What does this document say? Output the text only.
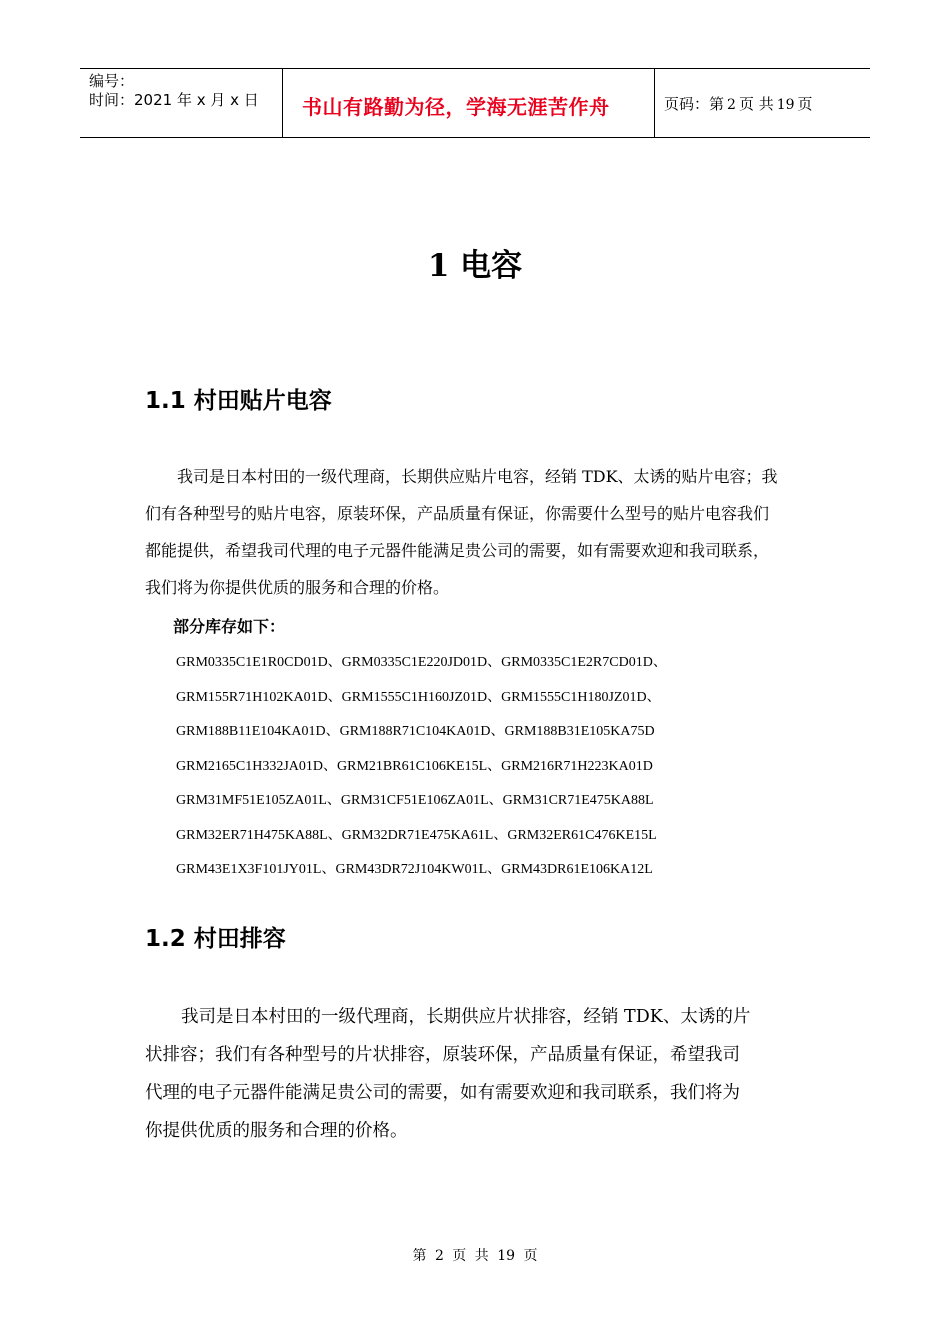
编号：
时间：2021 年 x 月 x 日 书山有路勤为径，学海无涯苦作舟	页码：第 2 页 共 19 页
1 电容
1.1 村田贴片电容
我司是日本村田的一级代理商，长期供应贴片电容，经销 TDK、太诱的贴片电容；我
们有各种型号的贴片电容，原装环保，产品质量有保证，你需要什么型号的贴片电容我们
都能提供，希望我司代理的电子元器件能满足贵公司的需要，如有需要欢迎和我司联系，
我们将为你提供优质的服务和合理的价格。
部分库存如下：
GRM0335C1E1R0CD01D、GRM0335C1E220JD01D、GRM0335C1E2R7CD01D、
GRM155R71H102KA01D、GRM1555C1H160JZ01D、GRM1555C1H180JZ01D、
GRM188B11E104KA01D、GRM188R71C104KA01D、GRM188B31E105KA75D
GRM2165C1H332JA01D、GRM21BR61C106KE15L、GRM216R71H223KA01D
GRM31MF51E105ZA01L、GRM31CF51E106ZA01L、GRM31CR71E475KA88L
GRM32ER71H475KA88L、GRM32DR71E475KA61L、GRM32ER61C476KE15L
GRM43E1X3F101JY01L、GRM43DR72J104KW01L、GRM43DR61E106KA12L
1.2 村田排容
我司是日本村田的一级代理商，长期供应片状排容，经销 TDK、太诱的片
状排容；我们有各种型号的片状排容，原装环保，产品质量有保证，希望我司
代理的电子元器件能满足贵公司的需要，如有需要欢迎和我司联系，我们将为
你提供优质的服务和合理的价格。
第 2 页 共 19 页
